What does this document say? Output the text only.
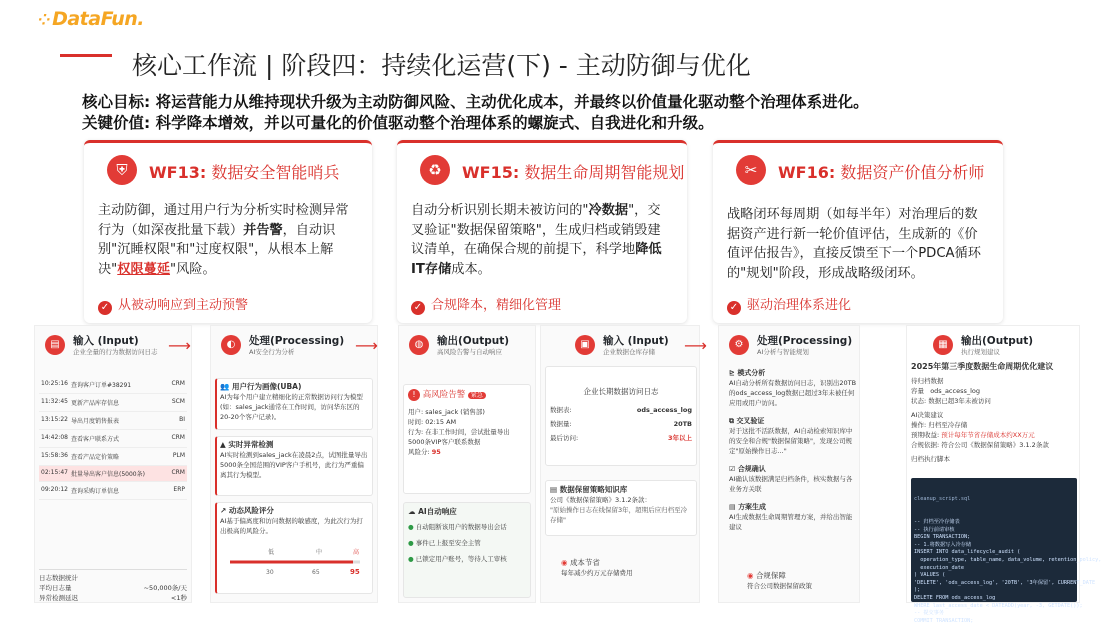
⁘ DataFun.
核心工作流 | 阶段四：持续化运营(下) - 主动防御与优化
核心目标: 将运营能力从维持现状升级为主动防御风险、主动优化成本，并最终以价值量化驱动整个治理体系进化。
关键价值: 科学降本增效，并以可量化的价值驱动整个治理体系的螺旋式、自我进化和升级。
⛨	WF13: 数据安全智能哨兵
主动防御，通过用户行为分析实时检测异常行为（如深夜批量下载）并告警，自动识别"沉睡权限"和"过度权限"，从根本上解决"权限蔓延"风险。
✓ 从被动响应到主动预警
♻	WF15: 数据生命周期智能规划
自动分析识别长期未被访问的"冷数据"，交叉验证"数据保留策略"，生成归档或销毁建议清单，在确保合规的前提下，科学地降低IT存储成本。
✓ 合规降本，精细化管理
✂	WF16: 数据资产价值分析师
战略闭环每周期（如每半年）对治理后的数据资产进行新一轮价值评估，生成新的《价值评估报告》，直接反馈至下一个PDCA循环的"规划"阶段，形成战略级闭环。
✓ 驱动治理体系进化
▤	输入 (Input)
企业全量的行为数据访问日志
10:25:16 查询客户订单#38291	CRM
11:32:45 更新产品库存信息	SCM
13:15:22 导出月度销售报表	BI
14:42:08 查看客户联系方式	CRM
15:58:36 查看产品定价策略	PLM
02:15:47 批量导出客户信息(5000条)	CRM
09:20:12 查询采购订单信息	ERP
日志数据统计
平均日志量	~50,000条/天
异常检测延迟	<1秒
⟶	◐	处理(Processing)
AI安全行为分析
👥 用户行为画像(UBA)
AI为每个用户建立精细化的正常数据访问行为模型 (如：sales_jack通常在工作时间，访问华东区的20-20个客户记录)。
▲ 实时异常检测
AI实时检测到sales_jack在凌晨2点，试图批量导出5000条全国范围的VIP客户手机号，此行为严重偏离其行为模型。
↗ 动态风险评分
AI基于偏离度和访问数据的敏感度，为此次行为打出极高的风险分。
低	中	高
30	65	95
⟶	◍	输出(Output)
高风险告警与自动响应
! 高风险告警 紧急
用户: sales_jack (销售部)
时间: 02:15 AM
行为: 在非工作时间，尝试批量导出5000条VIP客户联系数据
风险分: 95
☁ AI自动响应
● 自动阻断该用户的数据导出会话
● 事件已上报至安全主管
● 已锁定用户账号，等待人工审核
▣	输入 (Input)
企业数据仓库存储
企业长期数据访问日志
数据表:	ods_access_log
数据量:	20TB
最后访问:	3年以上
▤ 数据保留策略知识库
公司《数据保留策略》3.1.2条款：
"原始操作日志在线保留3年，超期后应归档至冷存储"
◉ 成本节省
每年减少约万元存储费用
⟶	⚙	处理(Processing)
AI分析与智能规划
⊵ 模式分析
AI自动分析所有数据访问日志，识别出20TB的ods_access_log数据已超过3年未被任何应用或用户访问。
⧉ 交叉验证
对于这批不活跃数据，AI自动检索知识库中的安全和合规"数据保留策略"，发现公司规定"原始操作日志..."
☑ 合规确认
AI确认该数据满足归档条件，核实数据与各业务方关联
▤ 方案生成
AI生成数据生命周期管理方案，并给出智能建议
◉ 合规保障
符合公司数据保留政策
▦	输出(Output)
执行规划建议
2025年第三季度数据生命周期优化建议
待归档数据
容量 ods_access_log
状态: 数据已超3年未被访问
AI决策建议
操作: 归档至冷存储
预期收益: 预计每年节省存储成本约XX万元
合规依据: 符合公司《数据保留策略》3.1.2条款
归档执行脚本

cleanup_script.sql

-- 归档至冷存储表
-- 执行前请审核
BEGIN TRANSACTION;
-- 1.将数据写入冷存储
INSERT INTO data_lifecycle_audit (
operation_type, table_name, data_volume, retention_policy,
execution_date
) VALUES (
'DELETE', 'ods_access_log', '20TB', '3年保留', CURRENT_DATE
);
DELETE FROM ods_access_log
WHERE last_access_date < DATEADD(year, -3, GETDATE());
-- 提交事务
COMMIT TRANSACTION;
